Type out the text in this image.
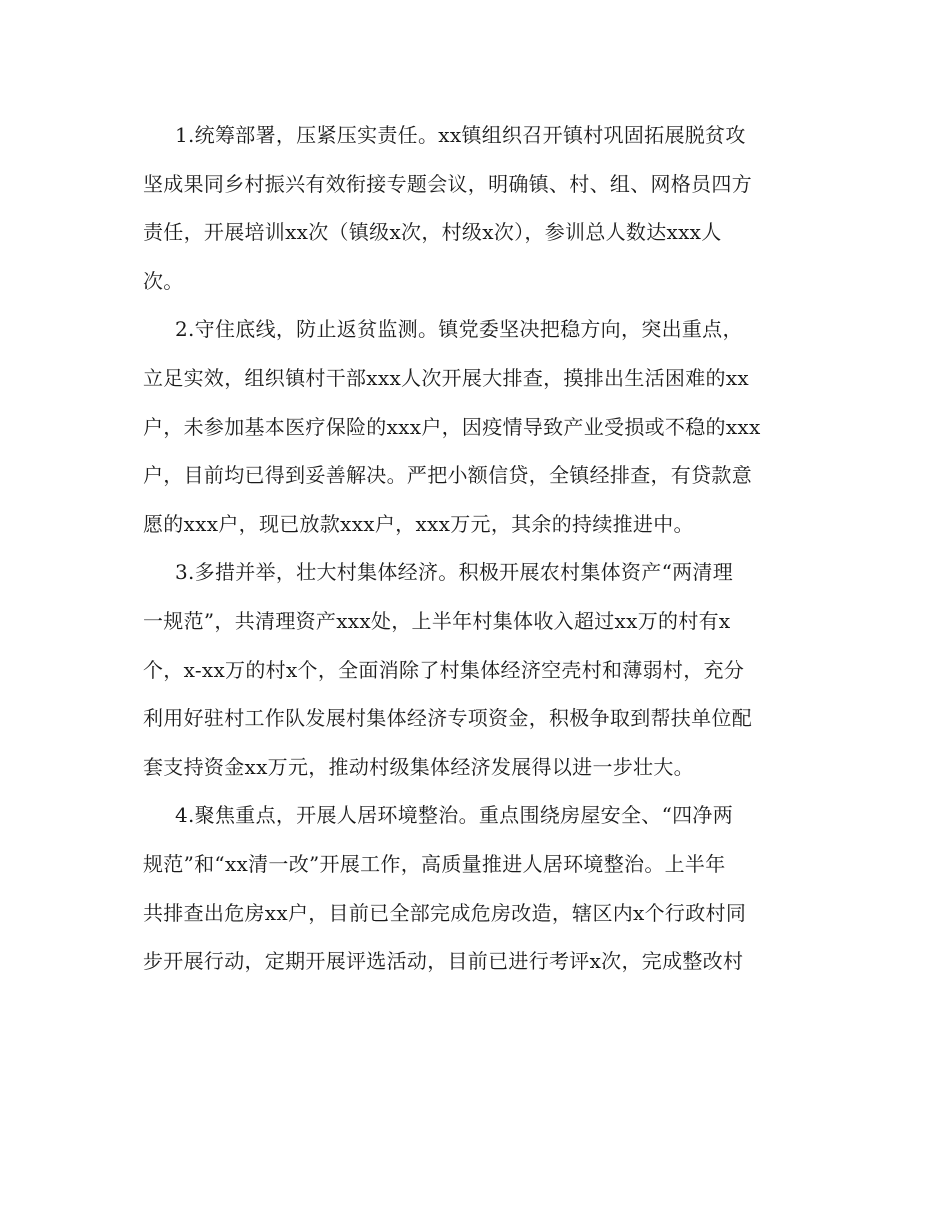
1.统筹部署，压紧压实责任。xx镇组织召开镇村巩固拓展脱贫攻
坚成果同乡村振兴有效衔接专题会议，明确镇、村、组、网格员四方
责任，开展培训xx次（镇级x次，村级x次），参训总人数达xxx人
次。
2.守住底线，防止返贫监测。镇党委坚决把稳方向，突出重点，
立足实效，组织镇村干部xxx人次开展大排查，摸排出生活困难的xx
户，未参加基本医疗保险的xxx户，因疫情导致产业受损或不稳的xxx
户，目前均已得到妥善解决。严把小额信贷，全镇经排查，有贷款意
愿的xxx户，现已放款xxx户，xxx万元，其余的持续推进中。
3.多措并举，壮大村集体经济。积极开展农村集体资产“两清理
一规范”，共清理资产xxx处，上半年村集体收入超过xx万的村有x
个，x-xx万的村x个，全面消除了村集体经济空壳村和薄弱村，充分
利用好驻村工作队发展村集体经济专项资金，积极争取到帮扶单位配
套支持资金xx万元，推动村级集体经济发展得以进一步壮大。
4.聚焦重点，开展人居环境整治。重点围绕房屋安全、“四净两
规范”和“xx清一改”开展工作，高质量推进人居环境整治。上半年
共排查出危房xx户，目前已全部完成危房改造，辖区内x个行政村同
步开展行动，定期开展评选活动，目前已进行考评x次，完成整改村
